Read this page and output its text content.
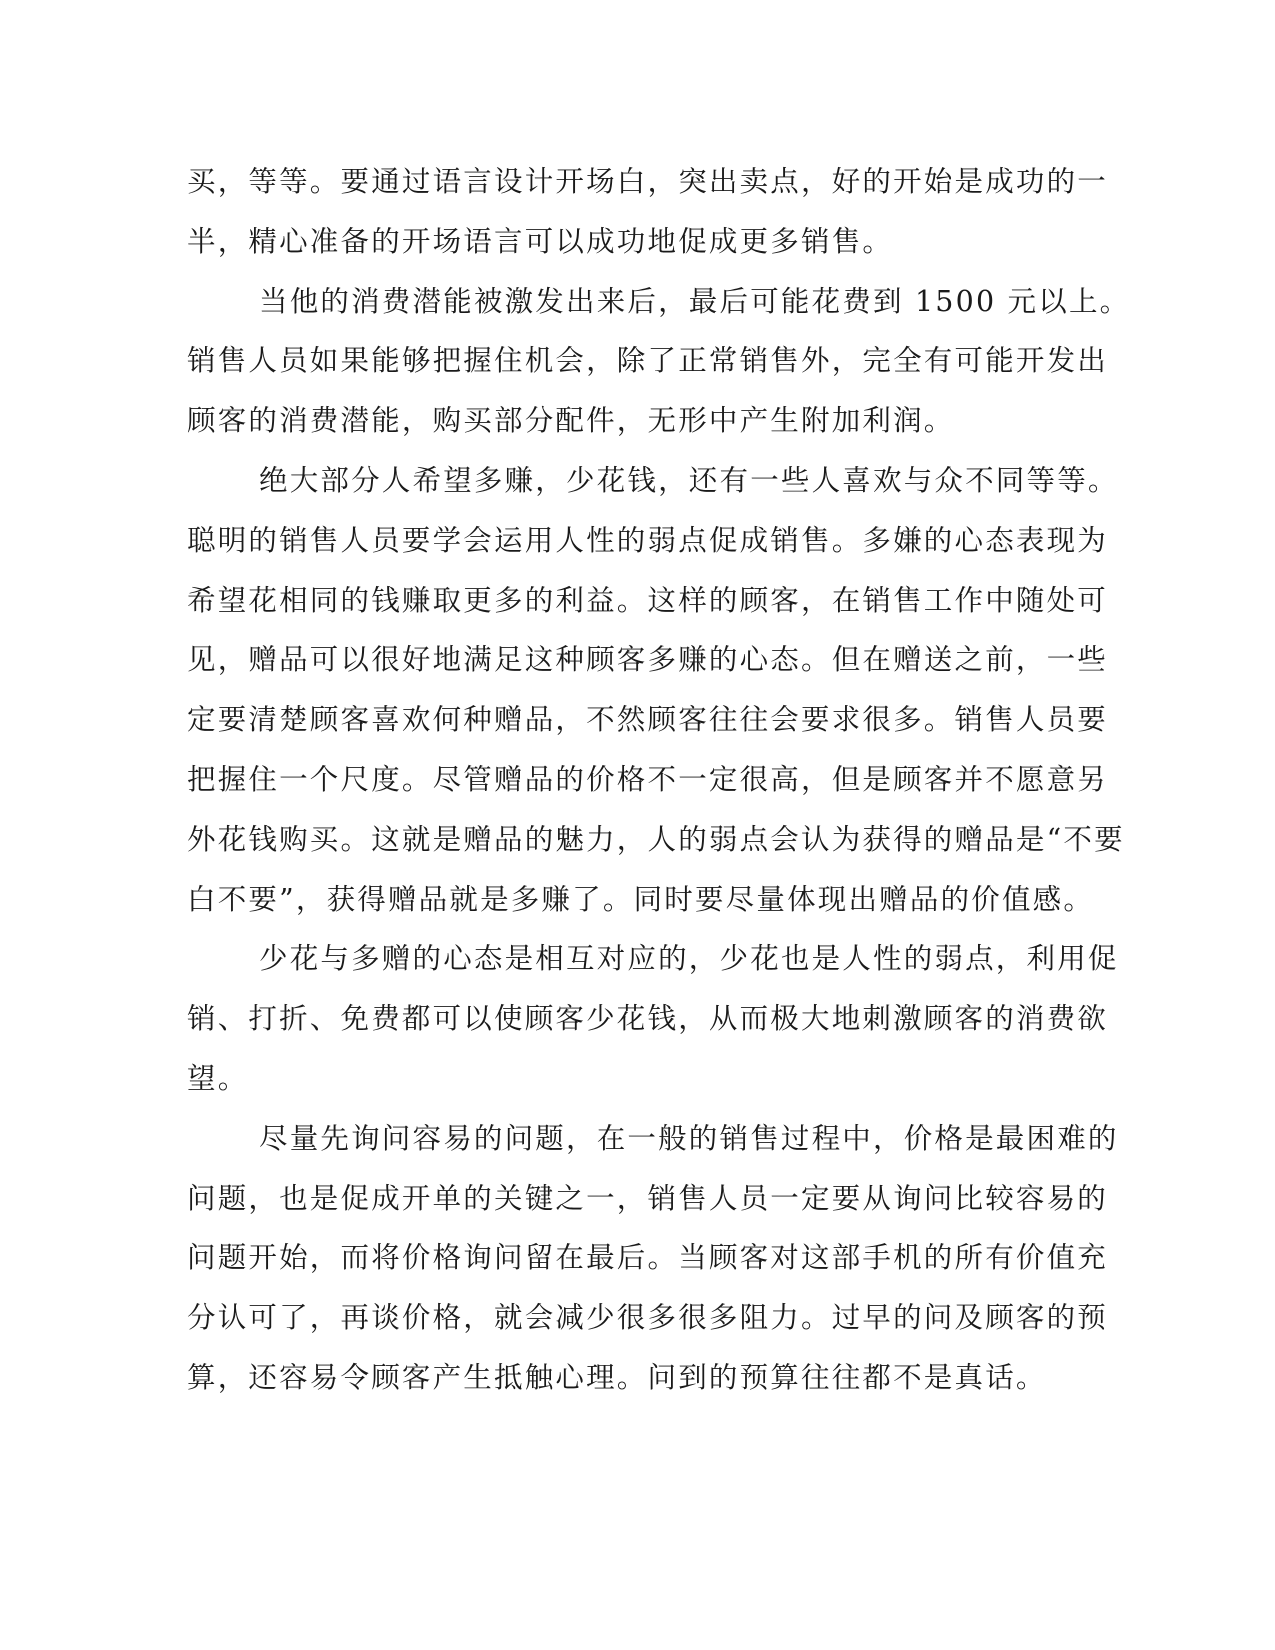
买，等等。要通过语言设计开场白，突出卖点，好的开始是成功的一
半，精心准备的开场语言可以成功地促成更多销售。
当他的消费潜能被激发出来后，最后可能花费到 1500 元以上。
销售人员如果能够把握住机会，除了正常销售外，完全有可能开发出
顾客的消费潜能，购买部分配件，无形中产生附加利润。
绝大部分人希望多赚，少花钱，还有一些人喜欢与众不同等等。
聪明的销售人员要学会运用人性的弱点促成销售。多嫌的心态表现为
希望花相同的钱赚取更多的利益。这样的顾客，在销售工作中随处可
见，赠品可以很好地满足这种顾客多赚的心态。但在赠送之前，一些
定要清楚顾客喜欢何种赠品，不然顾客往往会要求很多。销售人员要
把握住一个尺度。尽管赠品的价格不一定很高，但是顾客并不愿意另
外花钱购买。这就是赠品的魅力，人的弱点会认为获得的赠品是“不要
白不要”，获得赠品就是多赚了。同时要尽量体现出赠品的价值感。
少花与多赠的心态是相互对应的，少花也是人性的弱点，利用促
销、打折、免费都可以使顾客少花钱，从而极大地刺激顾客的消费欲
望。
尽量先询问容易的问题，在一般的销售过程中，价格是最困难的
问题，也是促成开单的关键之一，销售人员一定要从询问比较容易的
问题开始，而将价格询问留在最后。当顾客对这部手机的所有价值充
分认可了，再谈价格，就会减少很多很多阻力。过早的问及顾客的预
算，还容易令顾客产生抵触心理。问到的预算往往都不是真话。
